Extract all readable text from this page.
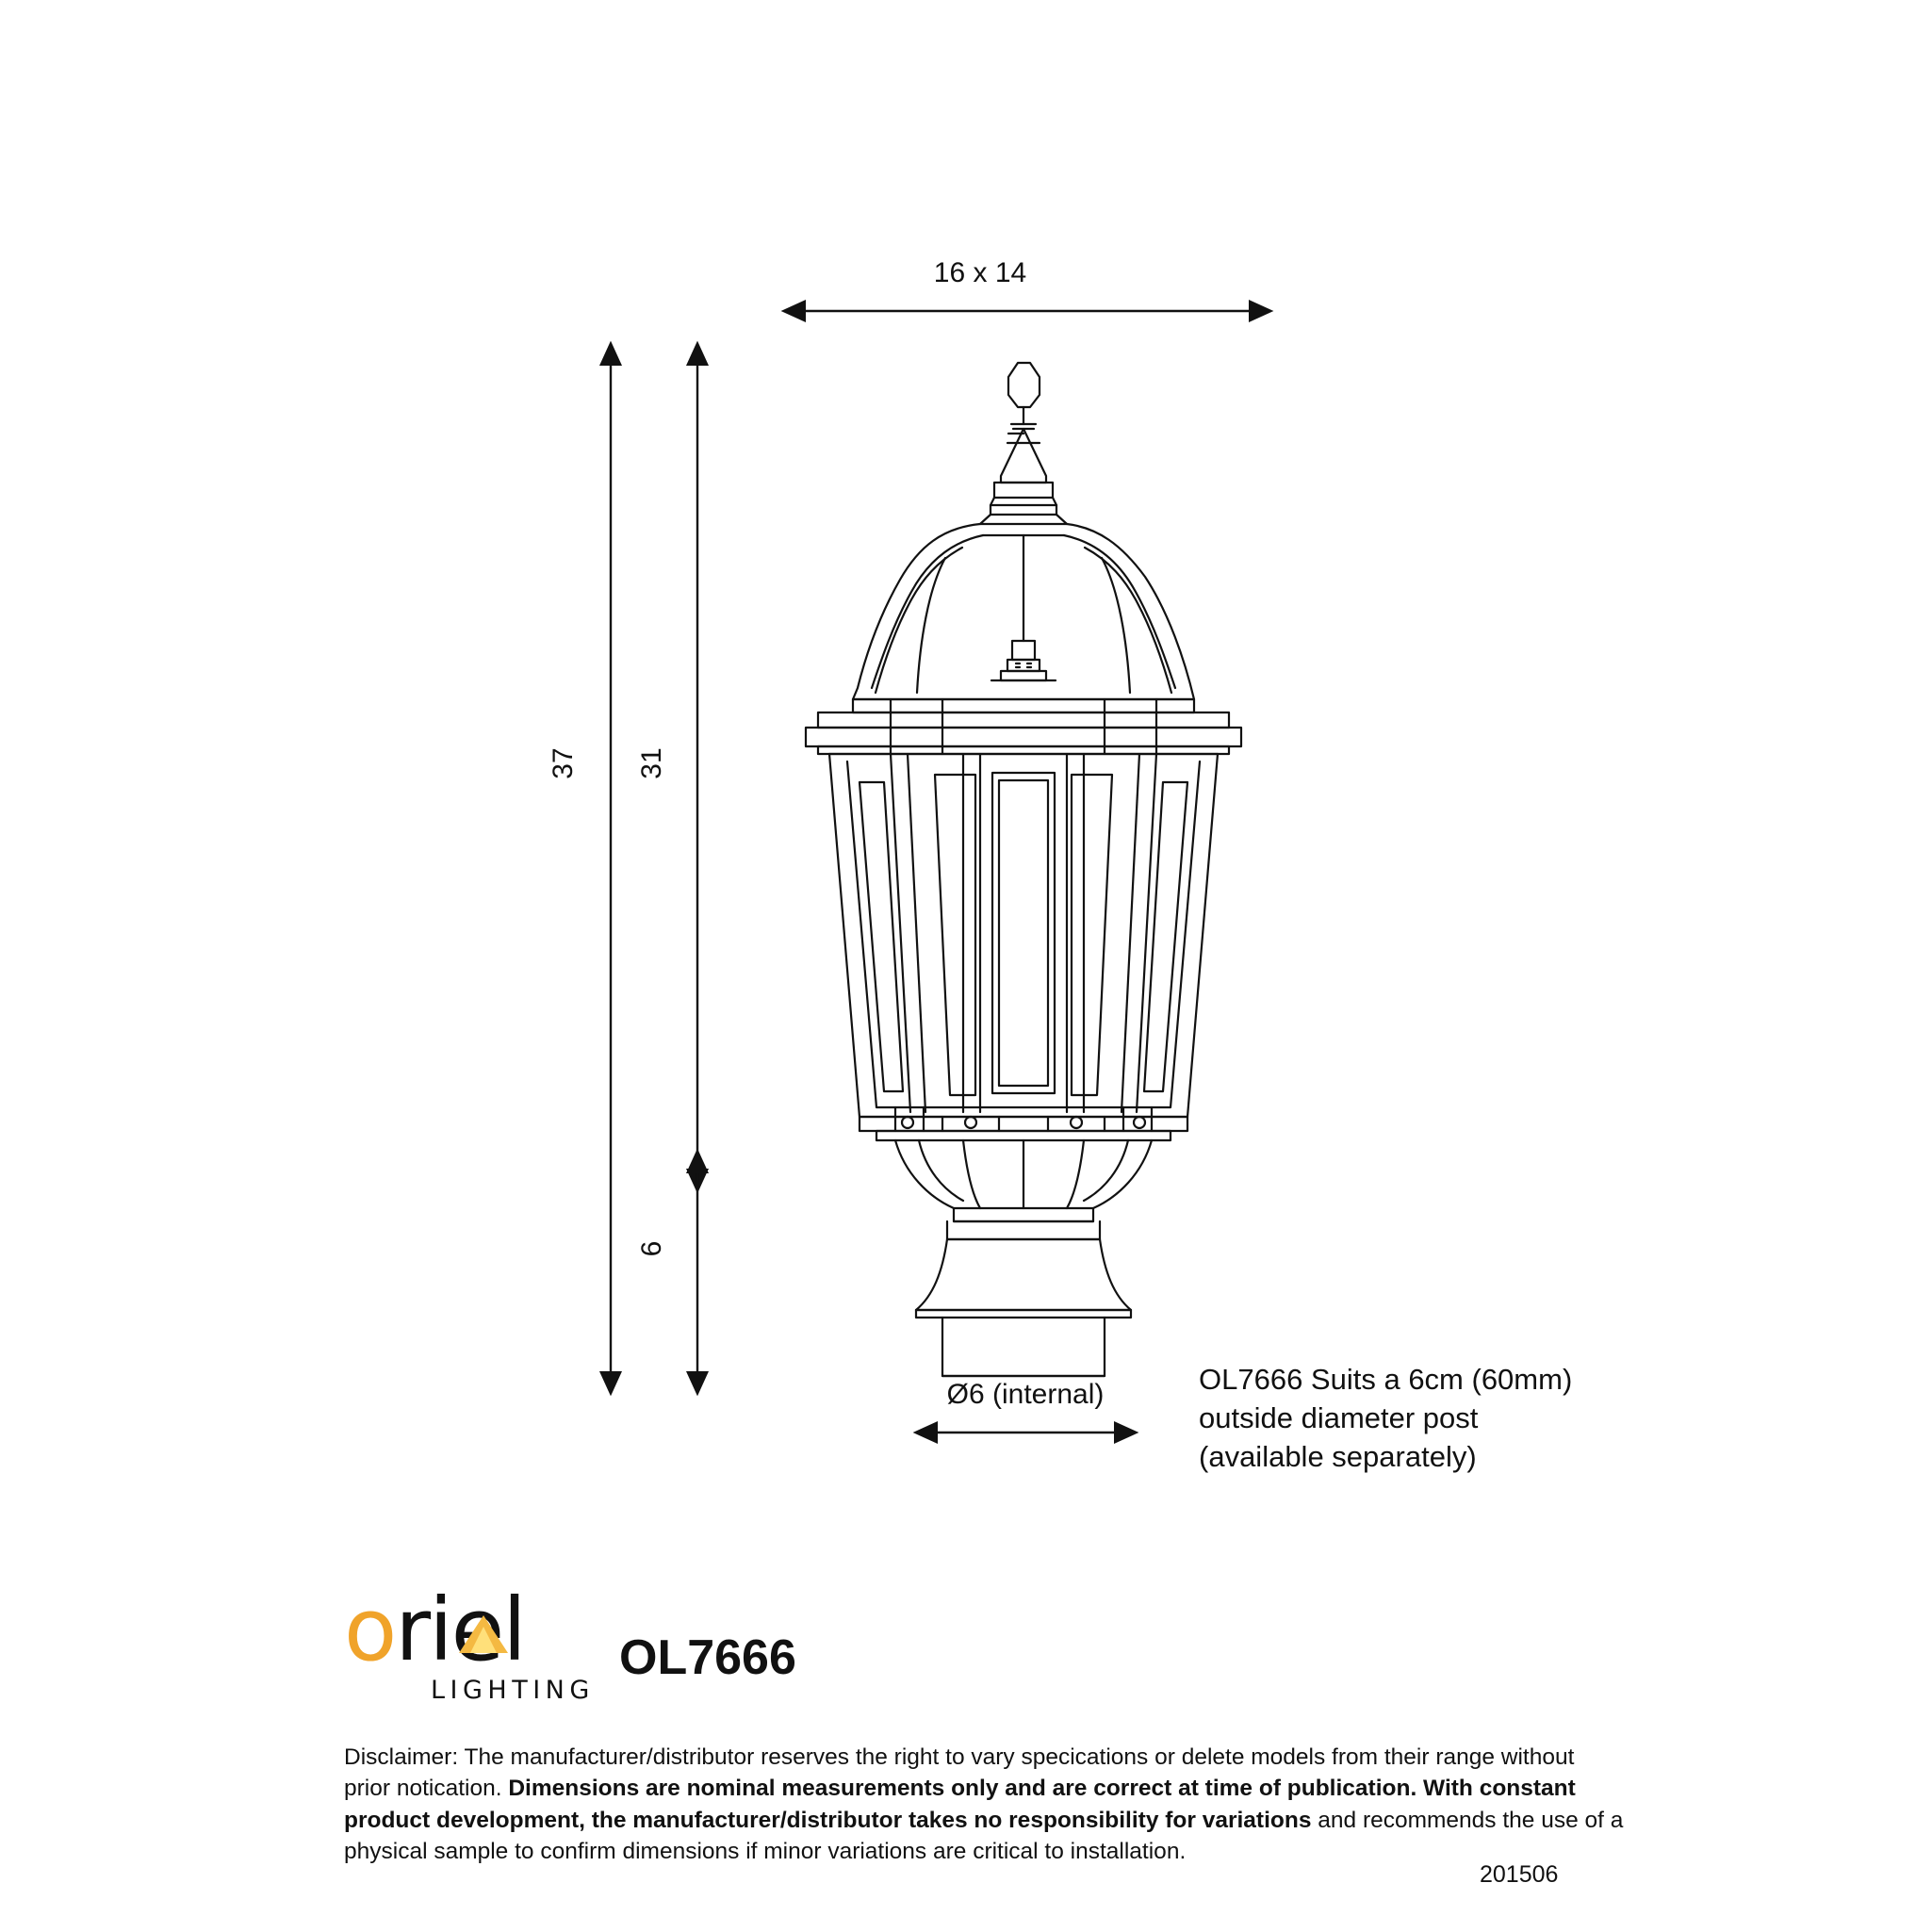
16 x 14
37 31
6
Ø6 (internal)	OL7666 Suits a 6cm (60mm)
outside diameter post
(available separately)
oriel
LIGHTING
OL7666
Disclaimer: The manufacturer/distributor reserves the right to vary specications or delete models from their range without prior notication. Dimensions are nominal measurements only and are correct at time of publication. With constant product development, the manufacturer/distributor takes no responsibility for variations and recommends the use of a physical sample to confirm dimensions if minor variations are critical to installation.
201506
